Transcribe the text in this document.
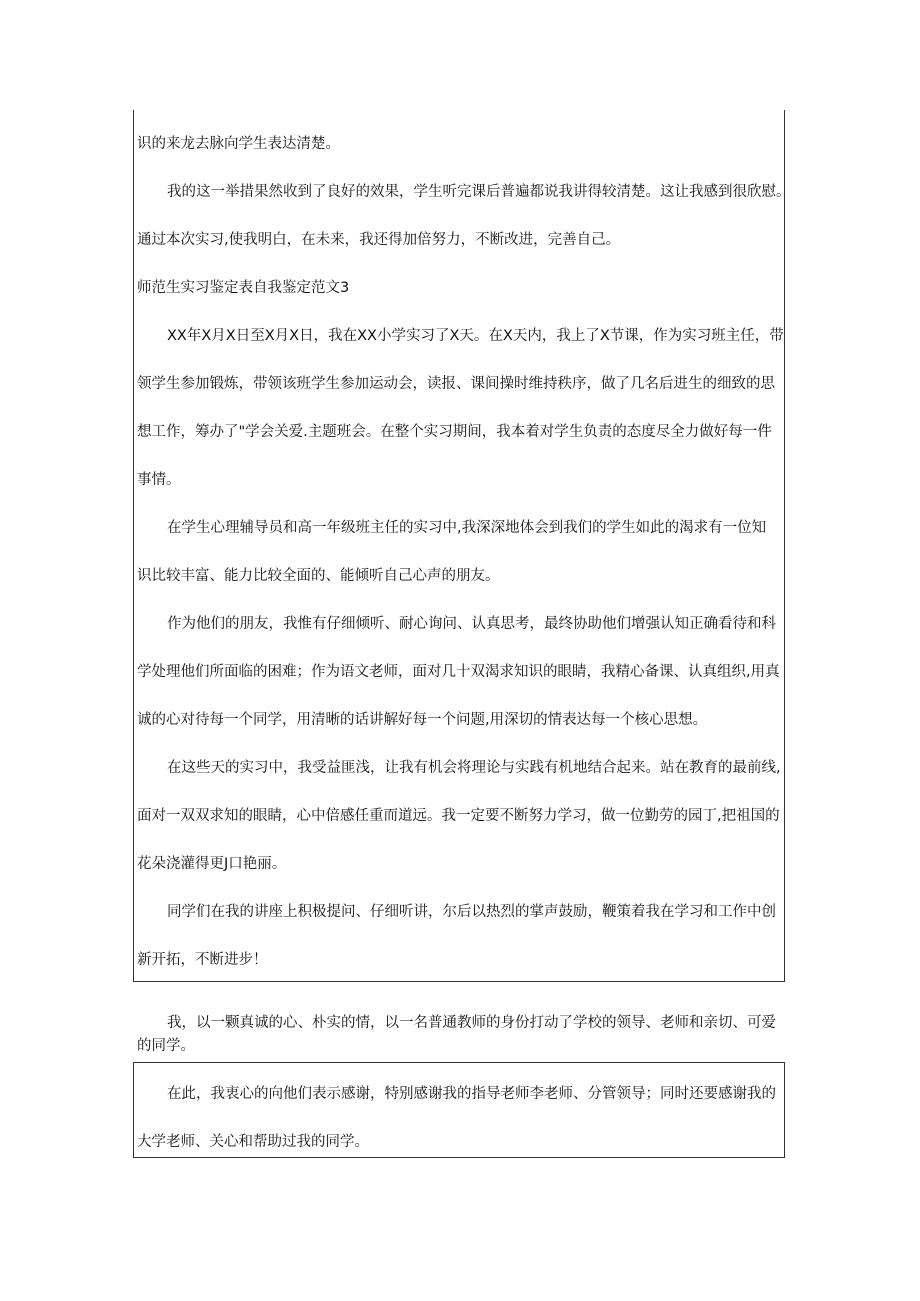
识的来龙去脉向学生表达清楚。
我的这一举措果然收到了良好的效果，学生听完课后普遍都说我讲得较清楚。这让我感到很欣慰。
通过本次实习,使我明白，在未来，我还得加倍努力，不断改进，完善自己。
师范生实习鉴定表自我鉴定范文3
XX年X月X日至X月X日，我在XX小学实习了X天。在X天内，我上了X节课，作为实习班主任，带
领学生参加锻炼，带领该班学生参加运动会，读报、课间操时维持秩序，做了几名后进生的细致的思
想工作，筹办了"学会关爱.主题班会。在整个实习期间，我本着对学生负责的态度尽全力做好每一件
事情。
在学生心理辅导员和高一年级班主任的实习中,我深深地体会到我们的学生如此的渴求有一位知
识比较丰富、能力比较全面的、能倾听自己心声的朋友。
作为他们的朋友，我惟有仔细倾听、耐心询问、认真思考，最终协助他们增强认知正确看待和科
学处理他们所面临的困难；作为语文老师，面对几十双渴求知识的眼睛，我精心备课、认真组织,用真
诚的心对待每一个同学，用清晰的话讲解好每一个问题,用深切的情表达每一个核心思想。
在这些天的实习中，我受益匪浅，让我有机会将理论与实践有机地结合起来。站在教育的最前线,
面对一双双求知的眼睛，心中倍感任重而道远。我一定要不断努力学习，做一位勤劳的园丁,把祖国的
花朵浇灌得更J口艳丽。
同学们在我的讲座上积极提问、仔细听讲，尔后以热烈的掌声鼓励，鞭策着我在学习和工作中创
新开拓，不断进步！
我，以一颗真诚的心、朴实的情，以一名普通教师的身份打动了学校的领导、老师和亲切、可爱
的同学。
在此，我衷心的向他们表示感谢，特别感谢我的指导老师李老师、分管领导；同时还要感谢我的
大学老师、关心和帮助过我的同学。
